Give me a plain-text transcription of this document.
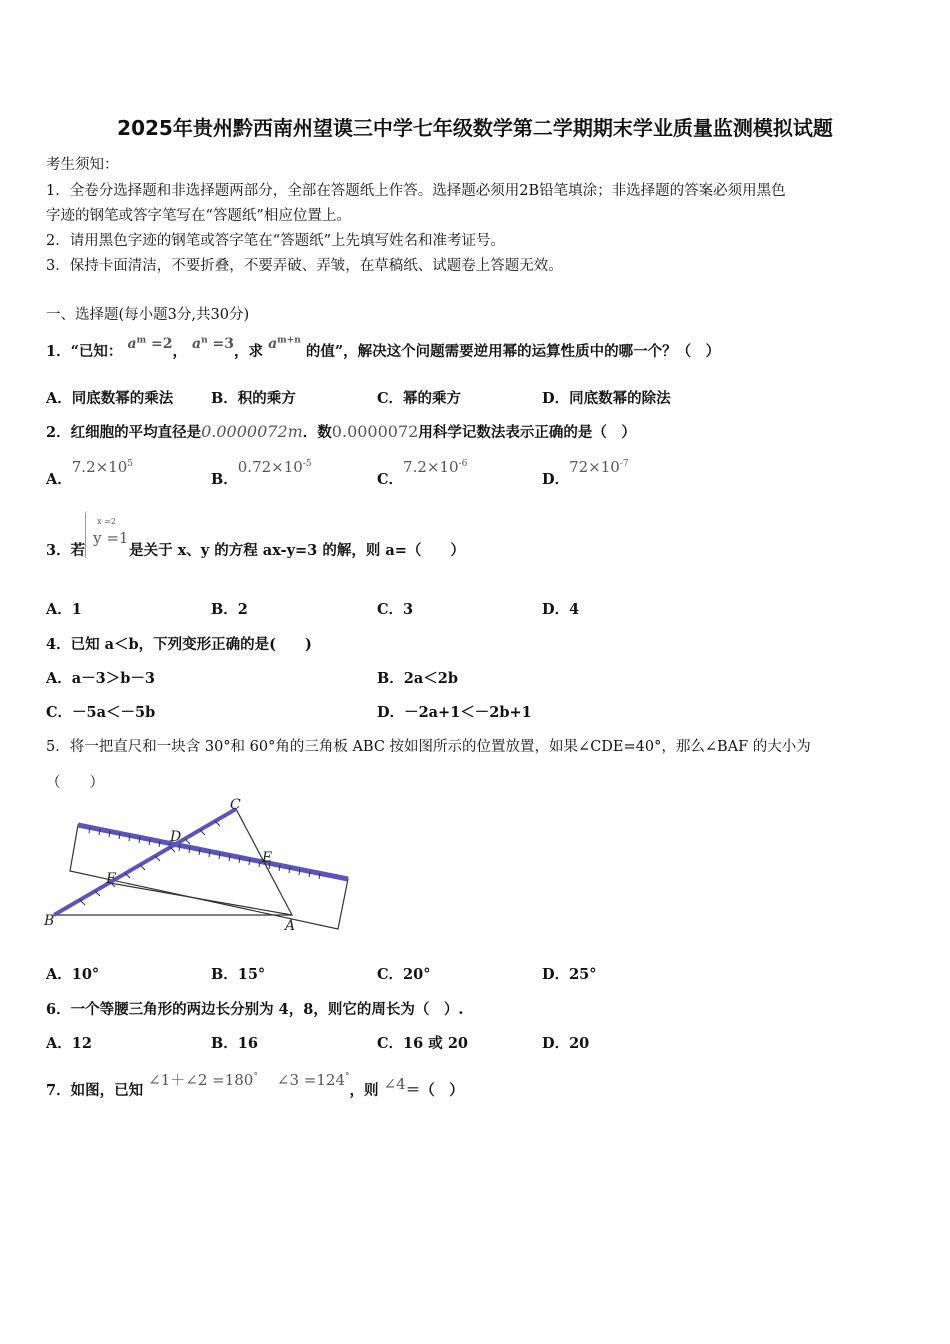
2025年贵州黔西南州望谟三中学七年级数学第二学期期末学业质量监测模拟试题
考生须知：
1．全卷分选择题和非选择题两部分，全部在答题纸上作答。选择题必须用2B铅笔填涂；非选择题的答案必须用黑色
字迹的钢笔或答字笔写在“答题纸”相应位置上。
2．请用黑色字迹的钢笔或答字笔在“答题纸”上先填写姓名和准考证号。
3．保持卡面清洁，不要折叠，不要弄破、弄皱，在草稿纸、试题卷上答题无效。
一、选择题(每小题3分,共30分)
1．“已知： $a^m =2$， $a^n =3$，求 $a^{m+n}$ 的值”，解决这个问题需要逆用幂的运算性质中的哪一个？（　）
A．同底数幂的乘法	B．积的乘方	C．幂的乘方	D．同底数幂的除法
2．红细胞的平均直径是0.0000072m．数0.0000072用科学记数法表示正确的是（　）
A．$7.2\times 10^5$
B．$0.72\times 10^{-5}$
C．$7.2\times 10^{-6}$
D．$72\times 10^{-7}$
3．若
x =2
y =1
是关于 x、y 的方程 ax-y=3 的解，则 a=（　　）
A．1	B．2	C．3	D．4
4．已知 a＜b，下列变形正确的是(　　)
A．a－3＞b－3	B．2a＜2b
C．－5a＜－5b	D．－2a+1＜－2b+1
5．将一把直尺和一块含 30°和 60°角的三角板 ABC 按如图所示的位置放置，如果∠CDE=40°，那么∠BAF 的大小为
（　　）
C
D
E
F
B	A
A．10°	B．15°	C．20°	D．25°
6．一个等腰三角形的两边长分别为 4，8，则它的周长为（　）.
A．12	B．16	C．16 或 20	D．20
7．如图，已知 ∠1＋∠2 =180° ∠3 =124°，则 ∠4＝（　）
